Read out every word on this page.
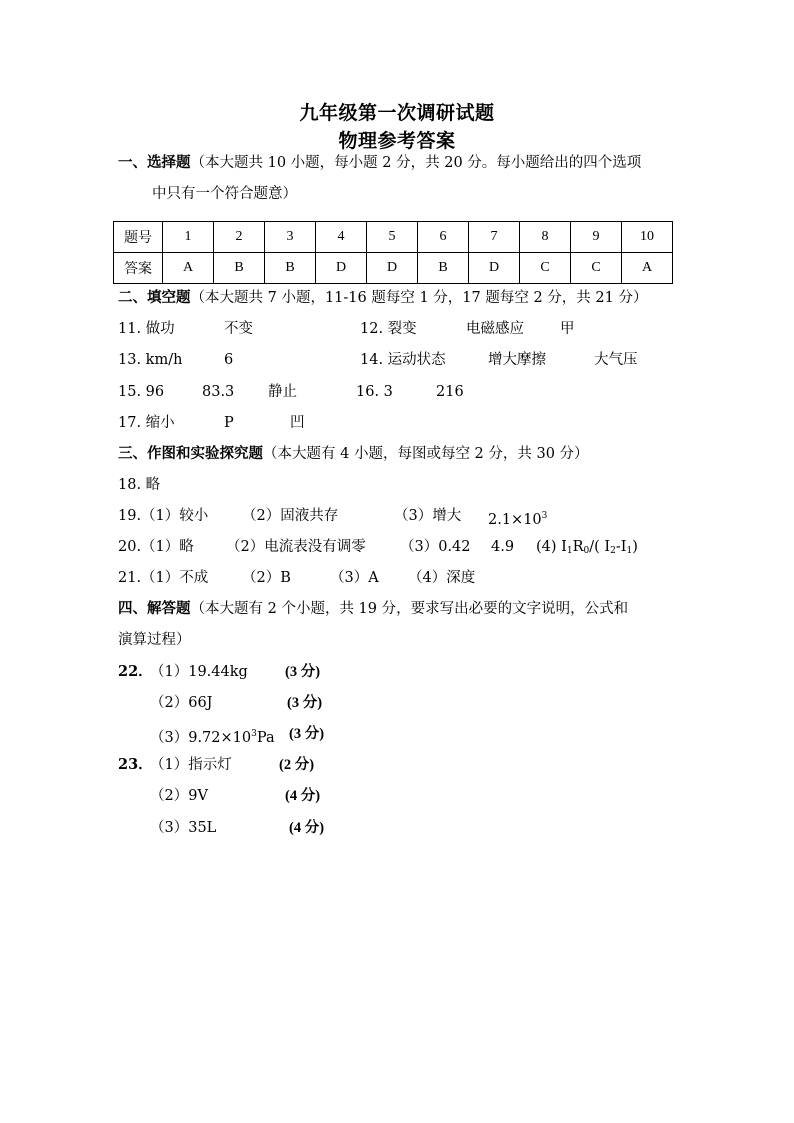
九年级第一次调研试题
物理参考答案
一、选择题（本大题共 10 小题，每小题 2 分，共 20 分。每小题给出的四个选项
中只有一个符合题意）
题号	1	2	3	4	5	6	7	8	9	10
答案	A	B	B	D	D	B	D	C	C	A
二、填空题（本大题共 7 小题，11-16 题每空 1 分，17 题每空 2 分，共 21 分）
11. 做功	不变	12. 裂变	电磁感应 甲
13. km/h	6	14. 运动状态	增大摩擦	大气压
15. 96	83.3 静止	16. 3	216
17. 缩小	P	凹
三、作图和实验探究题（本大题有 4 小题，每图或每空 2 分，共 30 分）
18. 略
19.（1）较小 （2）固液共存	（3）增大 $2.1\times 10^3$
20.（1）略 （2）电流表没有调零 （3）0.42 4.9 (4) $I_1R_0/$( $I_2-I_1$)
21.（1）不成 （2）B	（3）A （4）深度
四、解答题（本大题有 2 个小题，共 19 分，要求写出必要的文字说明，公式和
演算过程）
22．
（1）19.44kg	(3 分)
（2）66J	(3 分)
$(3)9.72\times 10^3Pa$ (3 分)
23．
（1）指示灯	(2 分)
（2）9V	(4 分)
（3）35L	(4 分)
